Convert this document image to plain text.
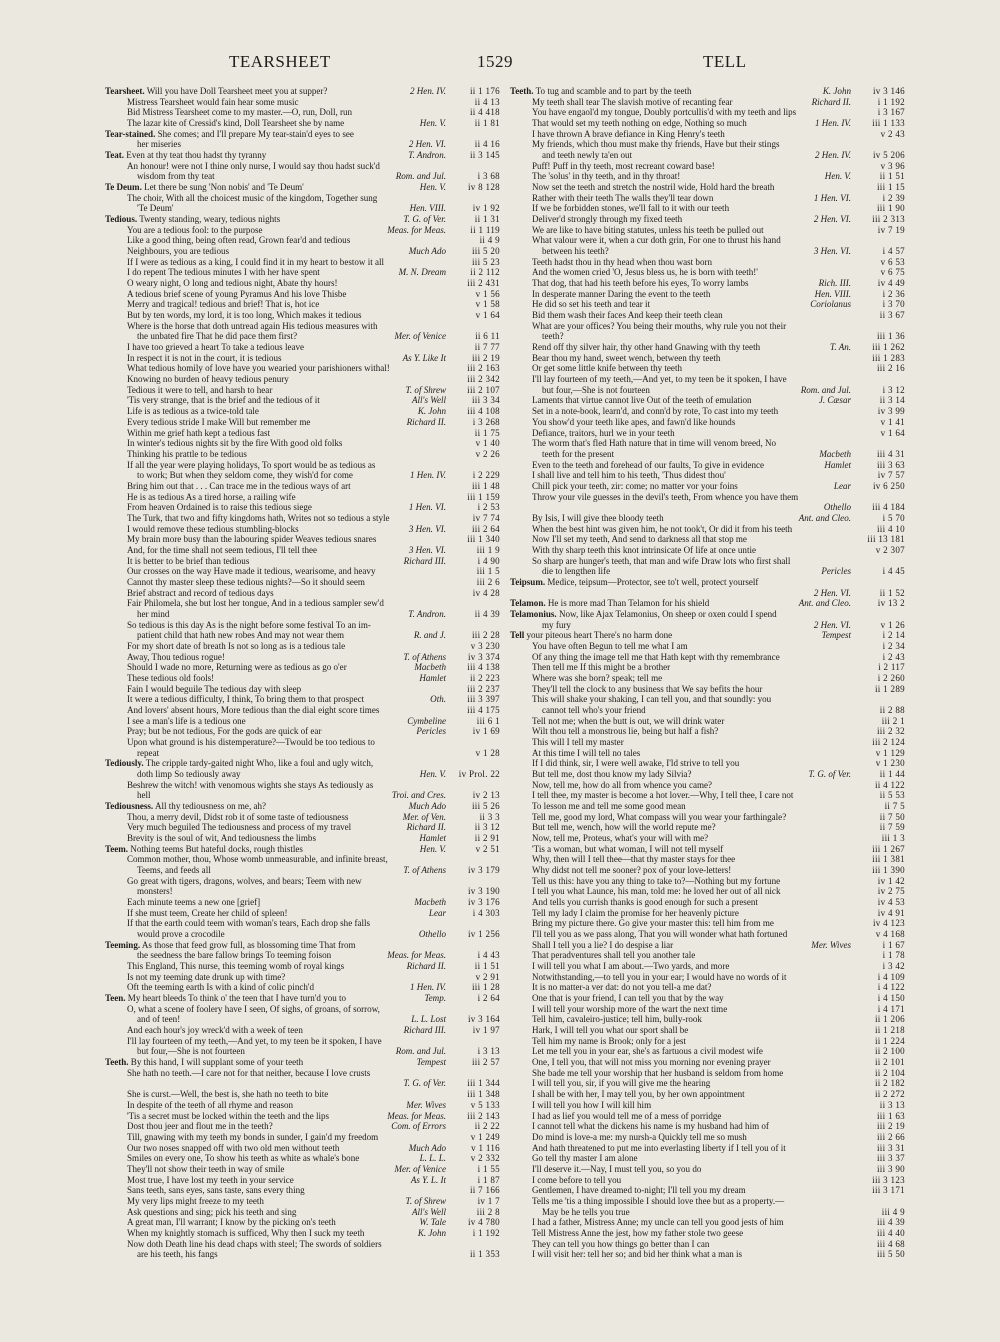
TEARSHEET	1529	TELL
Tearsheet. Will you have Doll Tearsheet meet you at supper?	2 Hen. IV.	ii 1 176
Mistress Tearsheet would fain hear some music	ii 4 13
Bid Mistress Tearsheet come to my master.—O, run, Doll, run	ii 4 418
The lazar kite of Cressid's kind, Doll Tearsheet she by name	Hen. V.	ii 1 81
Tear-stained. She comes; and I'll prepare My tear-stain'd eyes to see
her miseries	2 Hen. VI.	ii 4 16
Teat. Even at thy teat thou hadst thy tyranny	T. Andron.	ii 3 145
An honour! were not I thine only nurse, I would say thou hadst suck'd
wisdom from thy teat	Rom. and Jul.	i 3 68
Te Deum. Let there be sung 'Non nobis' and 'Te Deum'	Hen. V.	iv 8 128
The choir, With all the choicest music of the kingdom, Together sung
'Te Deum'	Hen. VIII.	iv 1 92
Tedious. Twenty standing, weary, tedious nights	T. G. of Ver.	ii 1 31
You are a tedious fool: to the purpose	Meas. for Meas.	ii 1 119
Like a good thing, being often read, Grown fear'd and tedious	ii 4 9
Neighbours, you are tedious	Much Ado	iii 5 20
If I were as tedious as a king, I could find it in my heart to bestow it all	iii 5 23
I do repent The tedious minutes I with her have spent	M. N. Dream	ii 2 112
O weary night, O long and tedious night, Abate thy hours!	iii 2 431
A tedious brief scene of young Pyramus And his love Thisbe	v 1 56
Merry and tragical! tedious and brief! That is, hot ice	v 1 58
But by ten words, my lord, it is too long, Which makes it tedious	v 1 64
Where is the horse that doth untread again His tedious measures with
the unbated fire That he did pace them first?	Mer. of Venice	ii 6 11
I have too grieved a heart To take a tedious leave	ii 7 77
In respect it is not in the court, it is tedious	As Y. Like It	iii 2 19
What tedious homily of love have you wearied your parishioners withal!	iii 2 163
Knowing no burden of heavy tedious penury	iii 2 342
Tedious it were to tell, and harsh to hear	T. of Shrew	iii 2 107
'Tis very strange, that is the brief and the tedious of it	All's Well	iii 3 34
Life is as tedious as a twice-told tale	K. John	iii 4 108
Every tedious stride I make Will but remember me	Richard II.	i 3 268
Within me grief hath kept a tedious fast	ii 1 75
In winter's tedious nights sit by the fire With good old folks	v 1 40
Thinking his prattle to be tedious	v 2 26
If all the year were playing holidays, To sport would be as tedious as
to work; But when they seldom come, they wish'd for come	1 Hen. IV.	i 2 229
Bring him out that . . . Can trace me in the tedious ways of art	iii 1 48
He is as tedious As a tired horse, a railing wife	iii 1 159
From heaven Ordained is to raise this tedious siege	1 Hen. VI.	i 2 53
The Turk, that two and fifty kingdoms hath, Writes not so tedious a style	iv 7 74
I would remove these tedious stumbling-blocks	3 Hen. VI.	iii 2 64
My brain more busy than the labouring spider Weaves tedious snares	iii 1 340
And, for the time shall not seem tedious, I'll tell thee	3 Hen. VI.	iii 1 9
It is better to be brief than tedious	Richard III.	i 4 90
Our crosses on the way Have made it tedious, wearisome, and heavy	iii 1 5
Cannot thy master sleep these tedious nights?—So it should seem	iii 2 6
Brief abstract and record of tedious days	iv 4 28
Fair Philomela, she but lost her tongue, And in a tedious sampler sew'd
her mind	T. Andron.	ii 4 39
So tedious is this day As is the night before some festival To an im-
patient child that hath new robes And may not wear them	R. and J.	iii 2 28
For my short date of breath Is not so long as is a tedious tale	v 3 230
Away, Thou tedious rogue!	T. of Athens	iv 3 374
Should I wade no more, Returning were as tedious as go o'er	Macbeth	iii 4 138
These tedious old fools!	Hamlet	ii 2 223
Fain I would beguile The tedious day with sleep	iii 2 237
It were a tedious difficulty, I think, To bring them to that prospect	Oth.	iii 3 397
And lovers' absent hours, More tedious than the dial eight score times	iii 4 175
I see a man's life is a tedious one	Cymbeline	iii 6 1
Pray; but be not tedious, For the gods are quick of ear	Pericles	iv 1 69
Upon what ground is his distemperature?—Twould be too tedious to
repeat	v 1 28
Tediously. The cripple tardy-gaited night Who, like a foul and ugly witch,
doth limp So tediously away	Hen. V.	iv Prol. 22
Beshrew the witch! with venomous wights she stays As tediously as
hell	Troi. and Cres.	iv 2 13
Tediousness. All thy tediousness on me, ah?	Much Ado	iii 5 26
Thou, a merry devil, Didst rob it of some taste of tediousness	Mer. of Ven.	ii 3 3
Very much beguiled The tediousness and process of my travel	Richard II.	ii 3 12
Brevity is the soul of wit, And tediousness the limbs	Hamlet	ii 2 91
Teem. Nothing teems But hateful docks, rough thistles	Hen. V.	v 2 51
Common mother, thou, Whose womb unmeasurable, and infinite breast,
Teems, and feeds all	T. of Athens	iv 3 179
Go great with tigers, dragons, wolves, and bears; Teem with new
monsters!	iv 3 190
Each minute teems a new one [grief]	Macbeth	iv 3 176
If she must teem, Create her child of spleen!	Lear	i 4 303
If that the earth could teem with woman's tears, Each drop she falls
would prove a crocodile	Othello	iv 1 256
Teeming. As those that feed grow full, as blossoming time That from
the seedness the bare fallow brings To teeming foison	Meas. for Meas.	i 4 43
This England, This nurse, this teeming womb of royal kings	Richard II.	ii 1 51
Is not my teeming date drunk up with time?	v 2 91
Oft the teeming earth Is with a kind of colic pinch'd	1 Hen. IV.	iii 1 28
Teen. My heart bleeds To think o' the teen that I have turn'd you to	Temp.	i 2 64
O, what a scene of foolery have I seen, Of sighs, of groans, of sorrow,
and of teen!	L. L. Lost	iv 3 164
And each hour's joy wreck'd with a week of teen	Richard III.	iv 1 97
I'll lay fourteen of my teeth,—And yet, to my teen be it spoken, I have
but four,—She is not fourteen	Rom. and Jul.	i 3 13
Teeth. By this hand, I will supplant some of your teeth	Tempest	iii 2 57
She hath no teeth.—I care not for that neither, because I love crusts
T. G. of Ver.	iii 1 344
She is curst.—Well, the best is, she hath no teeth to bite	iii 1 348
In despite of the teeth of all rhyme and reason	Mer. Wives	v 5 133
'Tis a secret must be locked within the teeth and the lips	Meas. for Meas.	iii 2 143
Dost thou jeer and flout me in the teeth?	Com. of Errors	ii 2 22
Till, gnawing with my teeth my bonds in sunder, I gain'd my freedom	v 1 249
Our two noses snapped off with two old men without teeth	Much Ado	v 1 116
Smiles on every one, To show his teeth as white as whale's bone	L. L. L.	v 2 332
They'll not show their teeth in way of smile	Mer. of Venice	i 1 55
Most true, I have lost my teeth in your service	As Y. L. It	i 1 87
Sans teeth, sans eyes, sans taste, sans every thing	ii 7 166
My very lips might freeze to my teeth	T. of Shrew	iv 1 7
Ask questions and sing; pick his teeth and sing	All's Well	iii 2 8
A great man, I'll warrant; I know by the picking on's teeth	W. Tale	iv 4 780
When my knightly stomach is sufficed, Why then I suck my teeth	K. John	i 1 192
Now doth Death line his dead chaps with steel; The swords of soldiers
are his teeth, his fangs	ii 1 353
Teeth. To tug and scamble and to part by the teeth	K. John	iv 3 146
My teeth shall tear The slavish motive of recanting fear	Richard II.	i 1 192
You have engaol'd my tongue, Doubly portcullis'd with my teeth and lips	i 3 167
That would set my teeth nothing on edge, Nothing so much	1 Hen. IV.	iii 1 133
I have thrown A brave defiance in King Henry's teeth	v 2 43
My friends, which thou must make thy friends, Have but their stings
and teeth newly ta'en out	2 Hen. IV.	iv 5 206
Puff! Puff in thy teeth, most recreant coward base!	v 3 96
The 'solus' in thy teeth, and in thy throat!	Hen. V.	ii 1 51
Now set the teeth and stretch the nostril wide, Hold hard the breath	iii 1 15
Rather with their teeth The walls they'll tear down	1 Hen. VI.	i 2 39
If we be forbidden stones, we'll fall to it with our teeth	iii 1 90
Deliver'd strongly through my fixed teeth	2 Hen. VI.	iii 2 313
We are like to have biting statutes, unless his teeth be pulled out	iv 7 19
What valour were it, when a cur doth grin, For one to thrust his hand
between his teeth?	3 Hen. VI.	i 4 57
Teeth hadst thou in thy head when thou wast born	v 6 53
And the women cried 'O, Jesus bless us, he is born with teeth!'	v 6 75
That dog, that had his teeth before his eyes, To worry lambs	Rich. III.	iv 4 49
In desperate manner Daring the event to the teeth	Hen. VIII.	i 2 36
He did so set his teeth and tear it	Coriolanus	i 3 70
Bid them wash their faces And keep their teeth clean	ii 3 67
What are your offices? You being their mouths, why rule you not their
teeth?	iii 1 36
Rend off thy silver hair, thy other hand Gnawing with thy teeth	T. An.	iii 1 262
Bear thou my hand, sweet wench, between thy teeth	iii 1 283
Or get some little knife between thy teeth	iii 2 16
I'll lay fourteen of my teeth,—And yet, to my teen be it spoken, I have
but four,—She is not fourteen	Rom. and Jul.	i 3 12
Laments that virtue cannot live Out of the teeth of emulation	J. Cæsar	ii 3 14
Set in a note-book, learn'd, and conn'd by rote, To cast into my teeth	iv 3 99
You show'd your teeth like apes, and fawn'd like hounds	v 1 41
Defiance, traitors, hurl we in your teeth	v 1 64
The worm that's fled Hath nature that in time will venom breed, No
teeth for the present	Macbeth	iii 4 31
Even to the teeth and forehead of our faults, To give in evidence	Hamlet	iii 3 63
I shall live and tell him to his teeth, 'Thus didest thou'	iv 7 57
Chill pick your teeth, zir: come; no matter vor your foins	Lear	iv 6 250
Throw your vile guesses in the devil's teeth, From whence you have them
Othello	iii 4 184
By Isis, I will give thee bloody teeth	Ant. and Cleo.	i 5 70
When the best hint was given him, he not took't, Or did it from his teeth	iii 4 10
Now I'll set my teeth, And send to darkness all that stop me	iii 13 181
With thy sharp teeth this knot intrinsicate Of life at once untie	v 2 307
So sharp are hunger's teeth, that man and wife Draw lots who first shall
die to lengthen life	Pericles	i 4 45
Teipsum. Medice, teipsum—Protector, see to't well, protect yourself
2 Hen. VI.	ii 1 52
Telamon. He is more mad Than Telamon for his shield	Ant. and Cleo.	iv 13 2
Telamonius. Now, like Ajax Telamonius, On sheep or oxen could I spend
my fury	2 Hen. VI.	v 1 26
Tell your piteous heart There's no harm done	Tempest	i 2 14
You have often Begun to tell me what I am	i 2 34
Of any thing the image tell me that Hath kept with thy remembrance	i 2 43
Then tell me If this might be a brother	i 2 117
Where was she born? speak; tell me	i 2 260
They'll tell the clock to any business that We say befits the hour	ii 1 289
This will shake your shaking, I can tell you, and that soundly: you
cannot tell who's your friend	ii 2 88
Tell not me; when the butt is out, we will drink water	iii 2 1
Wilt thou tell a monstrous lie, being but half a fish?	iii 2 32
This will I tell my master	iii 2 124
At this time I will tell no tales	v 1 129
If I did think, sir, I were well awake, I'ld strive to tell you	v 1 230
But tell me, dost thou know my lady Silvia?	T. G. of Ver.	ii 1 44
Now, tell me, how do all from whence you came?	ii 4 122
I tell thee, my master is become a hot lover.—Why, I tell thee, I care not	ii 5 53
To lesson me and tell me some good mean	ii 7 5
Tell me, good my lord, What compass will you wear your farthingale?	ii 7 50
But tell me, wench, how will the world repute me?	ii 7 59
Now, tell me, Proteus, what's your will with me?	iii 1 3
'Tis a woman, but what woman, I will not tell myself	iii 1 267
Why, then will I tell thee—that thy master stays for thee	iii 1 381
Why didst not tell me sooner? pox of your love-letters!	iii 1 390
Tell us this: have you any thing to take to?—Nothing but my fortune	iv 1 42
I tell you what Launce, his man, told me: he loved her out of all nick	iv 2 75
And tells you currish thanks is good enough for such a present	iv 4 53
Tell my lady I claim the promise for her heavenly picture	iv 4 91
Bring my picture there. Go give your master this: tell him from me	iv 4 123
I'll tell you as we pass along, That you will wonder what hath fortuned	v 4 168
Shall I tell you a lie? I do despise a liar	Mer. Wives	i 1 67
That peradventures shall tell you another tale	i 1 78
I will tell you what I am about.—Two yards, and more	i 3 42
Notwithstanding,—to tell you in your ear; I would have no words of it	i 4 109
It is no matter-a ver dat: do not you tell-a me dat?	i 4 122
One that is your friend, I can tell you that by the way	i 4 150
I will tell your worship more of the wart the next time	i 4 171
Tell him, cavaleiro-justice; tell him, bully-rook	ii 1 206
Hark, I will tell you what our sport shall be	ii 1 218
Tell him my name is Brook; only for a jest	ii 1 224
Let me tell you in your ear, she's as fartuous a civil modest wife	ii 2 100
One, I tell you, that will not miss you morning nor evening prayer	ii 2 101
She bade me tell your worship that her husband is seldom from home	ii 2 104
I will tell you, sir, if you will give me the hearing	ii 2 182
I shall be with her, I may tell you, by her own appointment	ii 2 272
I will tell you how I will kill him	ii 3 13
I had as lief you would tell me of a mess of porridge	iii 1 63
I cannot tell what the dickens his name is my husband had him of	iii 2 19
Do mind is love-a me: my nursh-a Quickly tell me so mush	iii 2 66
And hath threatened to put me into everlasting liberty if I tell you of it	iii 3 31
Go tell thy master I am alone	iii 3 37
I'll deserve it.—Nay, I must tell you, so you do	iii 3 90
I come before to tell you	iii 3 123
Gentlemen, I have dreamed to-night; I'll tell you my dream	iii 3 171
Tells me 'tis a thing impossible I should love thee but as a property.—
May be he tells you true	iii 4 9
I had a father, Mistress Anne; my uncle can tell you good jests of him	iii 4 39
Tell Mistress Anne the jest, how my father stole two geese	iii 4 40
They can tell you how things go better than I can	iii 4 68
I will visit her: tell her so; and bid her think what a man is	iii 5 50
